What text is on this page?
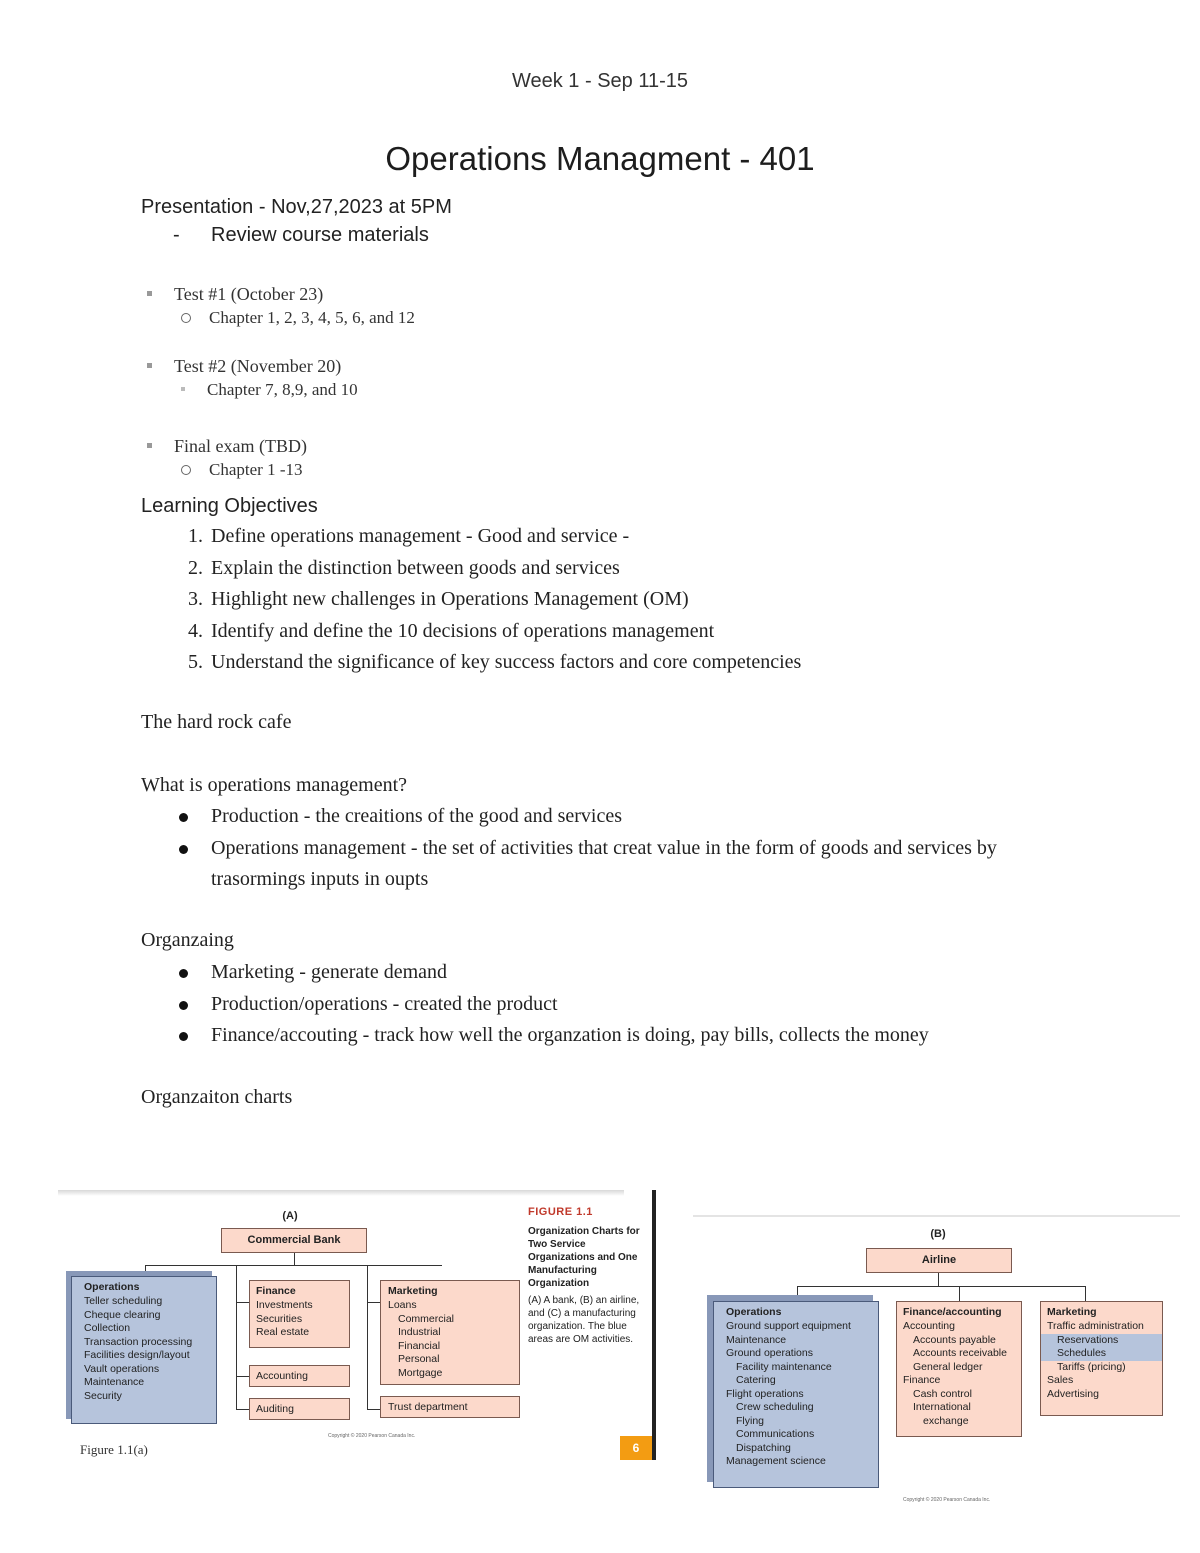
Week 1 - Sep 11-15
Operations Managment - 401
Presentation - Nov,27,2023 at 5PM
- Review course materials
Test #1 (October 23)
Chapter 1, 2, 3, 4, 5, 6, and 12
Test #2 (November 20)
Chapter 7, 8,9, and 10
Final exam (TBD)
Chapter 1 -13
Learning Objectives
1. Define operations management - Good and service -
2. Explain the distinction between goods and services
3. Highlight new challenges in Operations Management (OM)
4. Identify and define the 10 decisions of operations management
5. Understand the significance of key success factors and core competencies
The hard rock cafe
What is operations management?
Production - the creaitions of the good and services
Operations management - the set of activities that creat value in the form of goods and services by trasormings inputs in oupts
Organzaing
Marketing - generate demand
Production/operations - created the product
Finance/accouting - track how well the organzation is doing, pay bills, collects the money
Organzaiton charts
(A)
Commercial Bank
Operations
Teller scheduling
Cheque clearing
Collection
Transaction processing
Facilities design/layout
Vault operations
Maintenance
Security
Finance
Investments
Securities
Real estate
Accounting
Auditing
Marketing
Loans
Commercial
Industrial
Financial
Personal
Mortgage
Trust department
FIGURE 1.1
Organization Charts for Two Service Organizations and One Manufacturing Organization
(A) A bank, (B) an airline, and (C) a manufacturing organization. The blue areas are OM activities.
Copyright © 2020 Pearson Canada Inc.
6
Figure 1.1(a)
(B)
Airline
Operations
Ground support equipment
Maintenance
Ground operations
Facility maintenance
Catering
Flight operations
Crew scheduling
Flying
Communications
Dispatching
Management science
Finance/accounting
Accounting
Accounts payable
Accounts receivable
General ledger
Finance
Cash control
International
exchange
Marketing
Traffic administration
Reservations
Schedules
Tariffs (pricing)
Sales
Advertising
Copyright © 2020 Pearson Canada Inc.
